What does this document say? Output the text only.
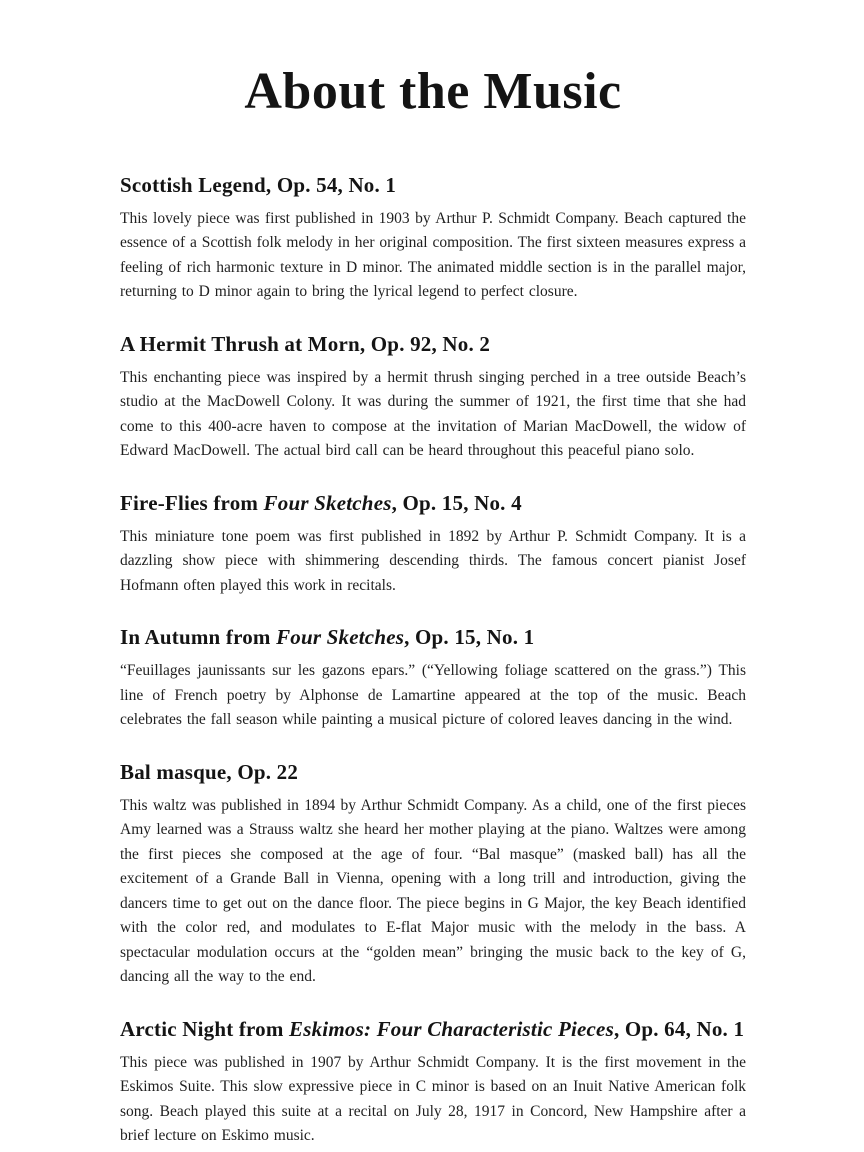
About the Music
Scottish Legend, Op. 54, No. 1

This lovely piece was first published in 1903 by Arthur P. Schmidt Company. Beach captured the essence of a Scottish folk melody in her original composition. The first sixteen measures express a feeling of rich harmonic texture in D minor. The animated middle section is in the parallel major, returning to D minor again to bring the lyrical legend to perfect closure.

A Hermit Thrush at Morn, Op. 92, No. 2

This enchanting piece was inspired by a hermit thrush singing perched in a tree outside Beach’s studio at the MacDowell Colony. It was during the summer of 1921, the first time that she had come to this 400-acre haven to compose at the invitation of Marian MacDowell, the widow of Edward MacDowell. The actual bird call can be heard throughout this peaceful piano solo.

Fire-Flies from Four Sketches, Op. 15, No. 4

This miniature tone poem was first published in 1892 by Arthur P. Schmidt Company. It is a dazzling show piece with shimmering descending thirds. The famous concert pianist Josef Hofmann often played this work in recitals.

In Autumn from Four Sketches, Op. 15, No. 1

“Feuillages jaunissants sur les gazons epars.” (“Yellowing foliage scattered on the grass.”) This line of French poetry by Alphonse de Lamartine appeared at the top of the music. Beach celebrates the fall season while painting a musical picture of colored leaves dancing in the wind.

Bal masque, Op. 22

This waltz was published in 1894 by Arthur Schmidt Company. As a child, one of the first pieces Amy learned was a Strauss waltz she heard her mother playing at the piano. Waltzes were among the first pieces she composed at the age of four. “Bal masque” (masked ball) has all the excitement of a Grande Ball in Vienna, opening with a long trill and introduction, giving the dancers time to get out on the dance floor. The piece begins in G Major, the key Beach identified with the color red, and modulates to E-flat Major music with the melody in the bass. A spectacular modulation occurs at the “golden mean” bringing the music back to the key of G, dancing all the way to the end.

Arctic Night from Eskimos: Four Characteristic Pieces, Op. 64, No. 1

This piece was published in 1907 by Arthur Schmidt Company. It is the first movement in the Eskimos Suite. This slow expressive piece in C minor is based on an Inuit Native American folk song. Beach played this suite at a recital on July 28, 1917 in Concord, New Hampshire after a brief lecture on Eskimo music.
